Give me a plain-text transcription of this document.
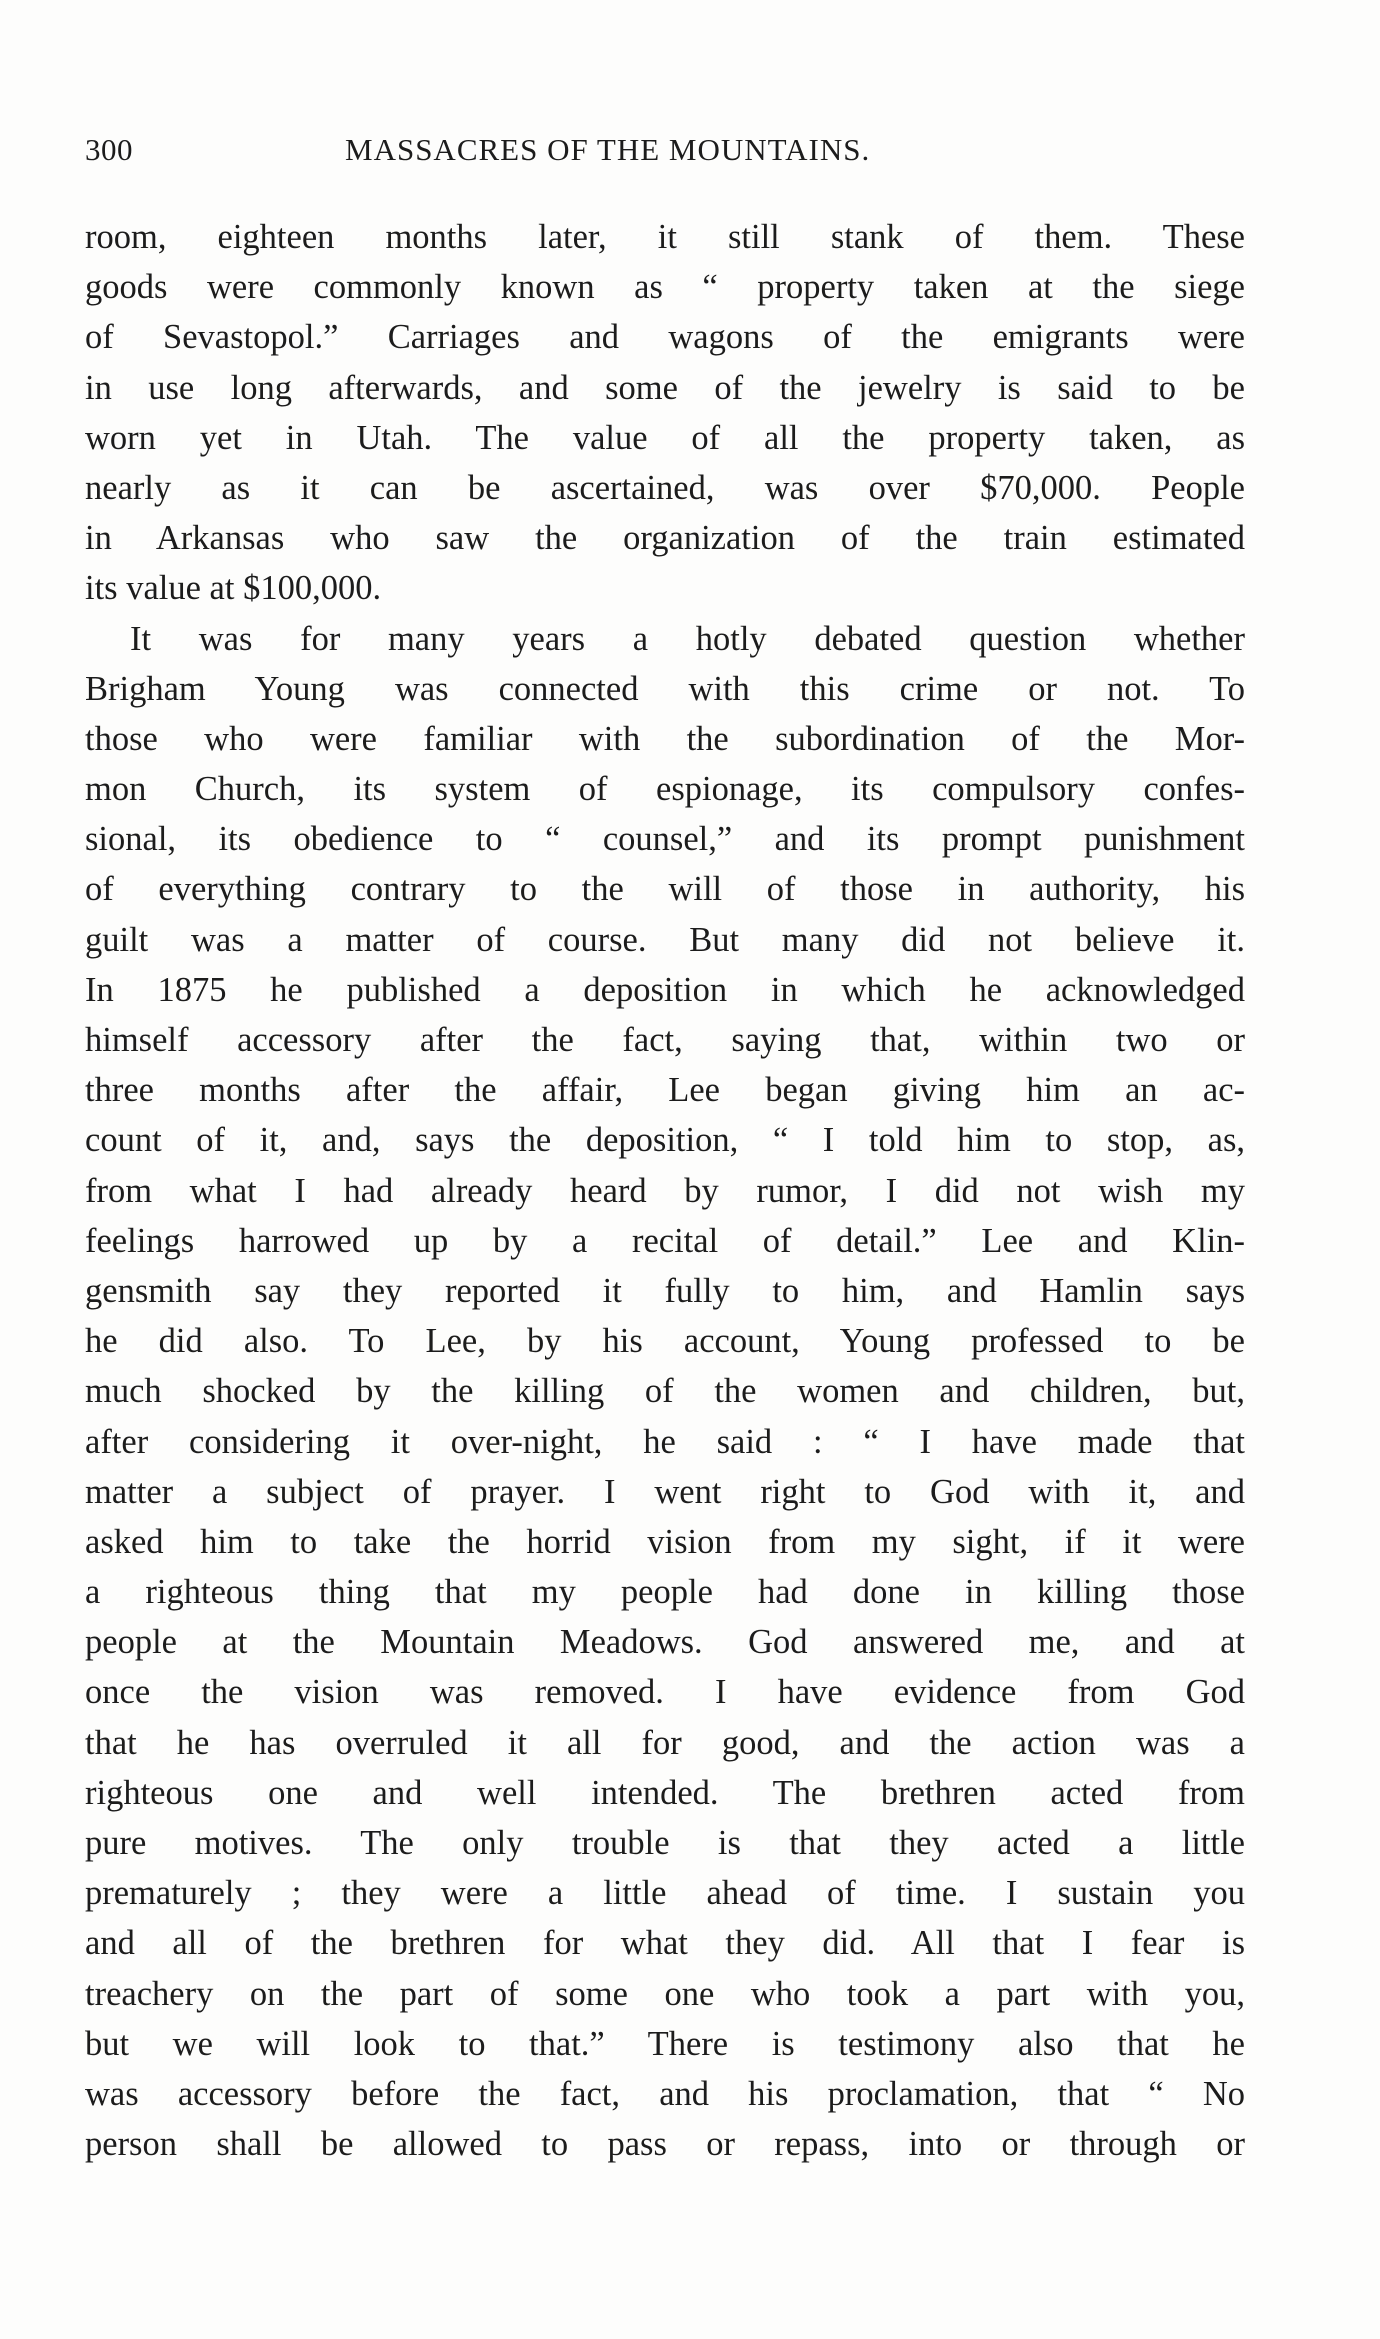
300	MASSACRES OF THE MOUNTAINS.
room, eighteen months later, it still stank of them. These
goods were commonly known as “ property taken at the siege
of Sevastopol.” Carriages and wagons of the emigrants were
in use long afterwards, and some of the jewelry is said to be
worn yet in Utah. The value of all the property taken, as
nearly as it can be ascertained, was over $70,000. People
in Arkansas who saw the organization of the train estimated
its value at $100,000.
It was for many years a hotly debated question whether
Brigham Young was connected with this crime or not. To
those who were familiar with the subordination of the Mor-
mon Church, its system of espionage, its compulsory confes-
sional, its obedience to “ counsel,” and its prompt punishment
of everything contrary to the will of those in authority, his
guilt was a matter of course. But many did not believe it.
In 1875 he published a deposition in which he acknowledged
himself accessory after the fact, saying that, within two or
three months after the affair, Lee began giving him an ac-
count of it, and, says the deposition, “ I told him to stop, as,
from what I had already heard by rumor, I did not wish my
feelings harrowed up by a recital of detail.” Lee and Klin-
gensmith say they reported it fully to him, and Hamlin says
he did also. To Lee, by his account, Young professed to be
much shocked by the killing of the women and children, but,
after considering it over-night, he said : “ I have made that
matter a subject of prayer. I went right to God with it, and
asked him to take the horrid vision from my sight, if it were
a righteous thing that my people had done in killing those
people at the Mountain Meadows. God answered me, and at
once the vision was removed. I have evidence from God
that he has overruled it all for good, and the action was a
righteous one and well intended. The brethren acted from
pure motives. The only trouble is that they acted a little
prematurely ; they were a little ahead of time. I sustain you
and all of the brethren for what they did. All that I fear is
treachery on the part of some one who took a part with you,
but we will look to that.” There is testimony also that he
was accessory before the fact, and his proclamation, that “ No
person shall be allowed to pass or repass, into or through or
